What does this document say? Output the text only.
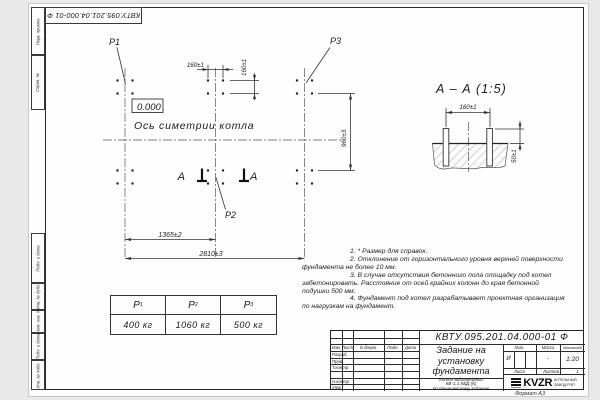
Перв. примен.
Справ. №
Подп. и дата
Инв. № дубл.
Взам. инв. №
Подп. и дата
Инв. № подл.
КВТУ.095.201.04.000-01 Ф
P1	P3
P2
0.000
Ось симетрии котла
160±1	160±1
960±3
1365±2
2810±3
А	А
А – А (1:5)
160±1
50±1
1. * Размер для справок.
2. Отклонение от горизонтального уровня верхней поверхности
фундамента не более 10 мм.
3. В случае отсутствия бетонного пола площадку под котел
забетонировать. Расстояние от осей крайних колонн до края бетонной
подушки 500 мм.
4. Фундамент под котел разрабатывает проектная организация
по нагрузкам на фундамент.
P 1	P 2	P 3
400 кг	1060 кг	500 кг
Изм. Лист	N докум.	Подп.	Дата
Разраб.
Пров.
Т.контр.
Н.контр.
Утв.
КВТУ.095.201.04.000-01 Ф
Задание на установку фундамента
Котел водогрейный
КВ-1,1 КБД (К)
по техническому заданию
Лит.	Масса	Масштаб
И	-	1:20
Лист	Листов	1
KVZR КОТЕЛЬНЫЙ
ЗАВОД РЭП
Формат А3
